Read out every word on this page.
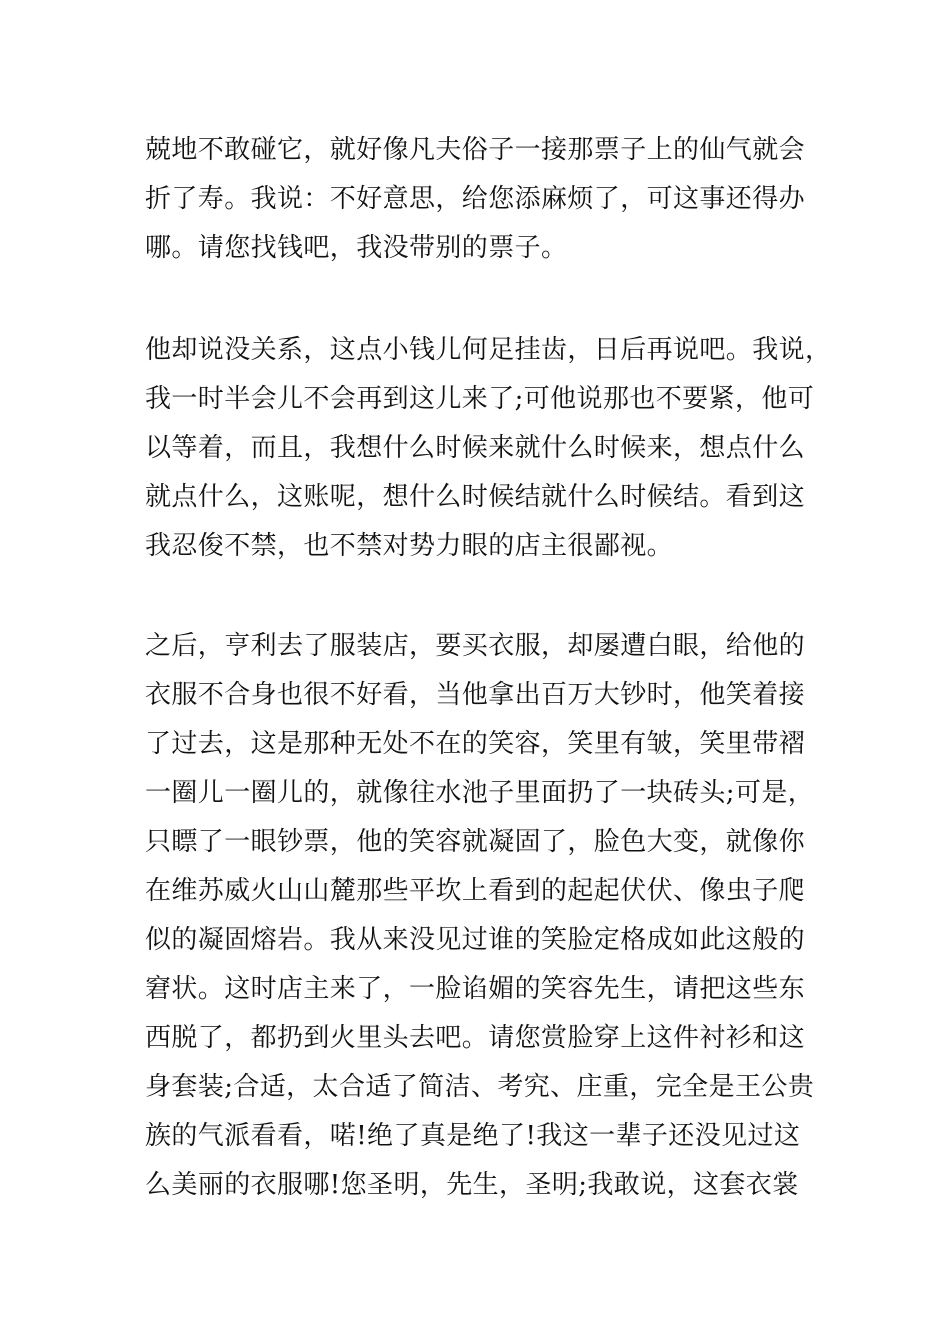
兢地不敢碰它，就好像凡夫俗子一接那票子上的仙气就会
折了寿。我说：不好意思，给您添麻烦了，可这事还得办
哪。请您找钱吧，我没带别的票子。
他却说没关系，这点小钱儿何足挂齿，日后再说吧。我说，
我一时半会儿不会再到这儿来了;可他说那也不要紧，他可
以等着，而且，我想什么时候来就什么时候来，想点什么
就点什么，这账呢，想什么时候结就什么时候结。看到这
我忍俊不禁，也不禁对势力眼的店主很鄙视。
之后，亨利去了服装店，要买衣服，却屡遭白眼，给他的
衣服不合身也很不好看，当他拿出百万大钞时，他笑着接
了过去，这是那种无处不在的笑容，笑里有皱，笑里带褶
一圈儿一圈儿的，就像往水池子里面扔了一块砖头;可是，
只瞟了一眼钞票，他的笑容就凝固了，脸色大变，就像你
在维苏威火山山麓那些平坎上看到的起起伏伏、像虫子爬
似的凝固熔岩。我从来没见过谁的笑脸定格成如此这般的
窘状。这时店主来了，一脸谄媚的笑容先生，请把这些东
西脱了，都扔到火里头去吧。请您赏脸穿上这件衬衫和这
身套装;合适，太合适了简洁、考究、庄重，完全是王公贵
族的气派看看，喏!绝了真是绝了!我这一辈子还没见过这
么美丽的衣服哪!您圣明，先生，圣明;我敢说，这套衣裳
